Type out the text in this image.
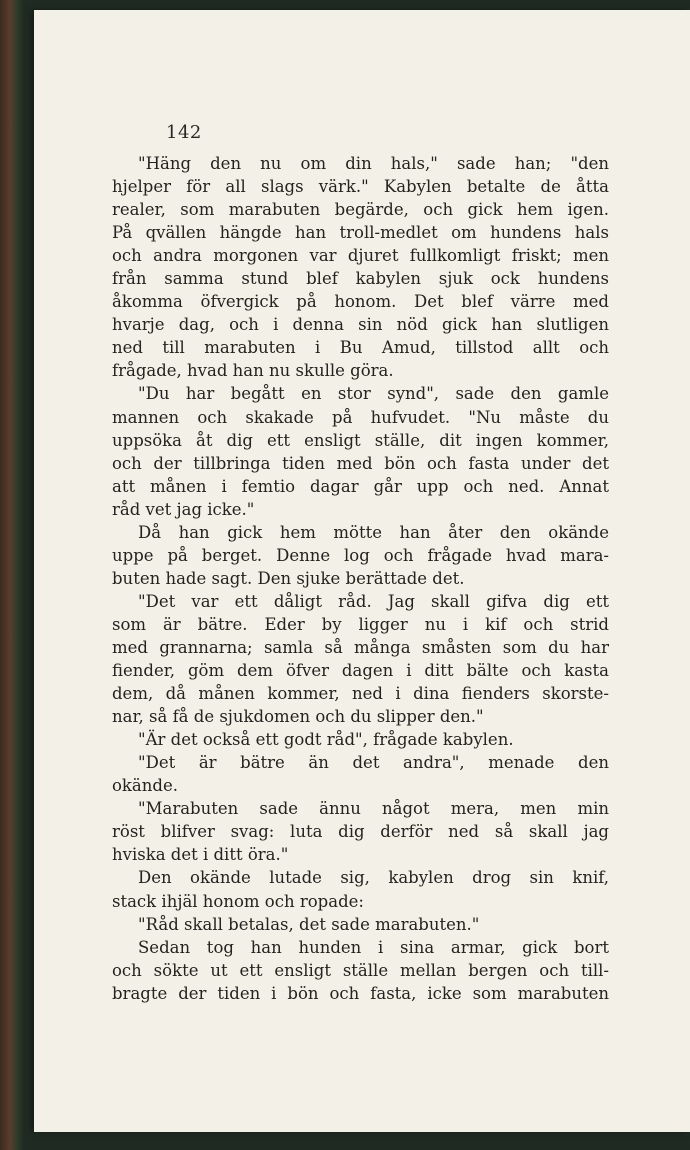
142

"Häng den nu om din hals," sade han; "den
hjelper för all slags värk." Kabylen betalte de åtta
realer, som marabuten begärde, och gick hem igen.
På qvällen hängde han troll-medlet om hundens hals
och andra morgonen var djuret fullkomligt friskt; men
från samma stund blef kabylen sjuk ock hundens
åkomma öfvergick på honom. Det blef värre med
hvarje dag, och i denna sin nöd gick han slutligen
ned till marabuten i Bu Amud, tillstod allt och
frågade, hvad han nu skulle göra.
"Du har begått en stor synd", sade den gamle
mannen och skakade på hufvudet. "Nu måste du
uppsöka åt dig ett ensligt ställe, dit ingen kommer,
och der tillbringa tiden med bön och fasta under det
att månen i femtio dagar går upp och ned. Annat
råd vet jag icke."
Då han gick hem mötte han åter den okände
uppe på berget. Denne log och frågade hvad mara-
buten hade sagt. Den sjuke berättade det.
"Det var ett dåligt råd. Jag skall gifva dig ett
som är bätre. Eder by ligger nu i kif och strid
med grannarna; samla så många småsten som du har
fiender, göm dem öfver dagen i ditt bälte och kasta
dem, då månen kommer, ned i dina fienders skorste-
nar, så få de sjukdomen och du slipper den."
"Är det också ett godt råd", frågade kabylen.
"Det är bätre än det andra", menade den
okände.
"Marabuten sade ännu något mera, men min
röst blifver svag: luta dig derför ned så skall jag
hviska det i ditt öra."
Den okände lutade sig, kabylen drog sin knif,
stack ihjäl honom och ropade:
"Råd skall betalas, det sade marabuten."
Sedan tog han hunden i sina armar, gick bort
och sökte ut ett ensligt ställe mellan bergen och till-
bragte der tiden i bön och fasta, icke som marabuten
